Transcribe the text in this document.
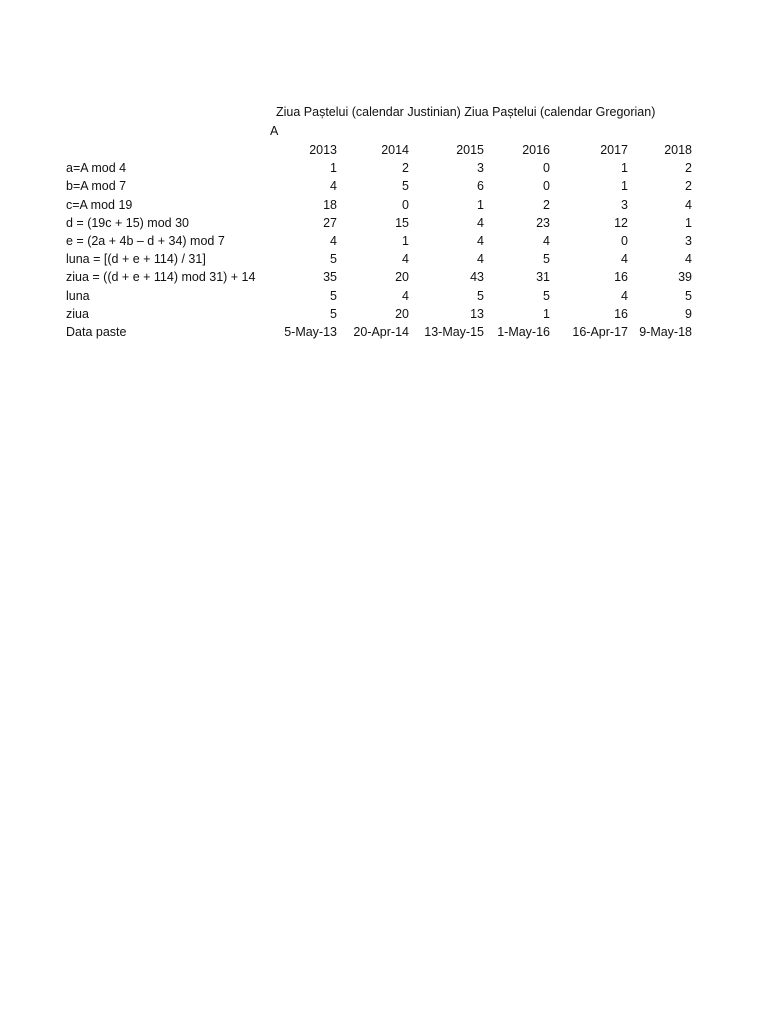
Ziua Paștelui (calendar Justinian) Ziua Paștelui (calendar Gregorian)
A
	2013	2014	2015	2016	2017	2018
a=A mod 4	1	2	3	0	1	2
b=A mod 7	4	5	6	0	1	2
c=A mod 19	18	0	1	2	3	4
d = (19c + 15) mod 30	27	15	4	23	12	1
e = (2a + 4b – d + 34) mod 7	4	1	4	4	0	3
luna = [(d + e + 114) / 31]	5	4	4	5	4	4
ziua = ((d + e + 114) mod 31) + 14	35	20	43	31	16	39
luna	5	4	5	5	4	5
ziua	5	20	13	1	16	9
Data paste	5-May-13	20-Apr-14	13-May-15	1-May-16	16-Apr-17	9-May-18
